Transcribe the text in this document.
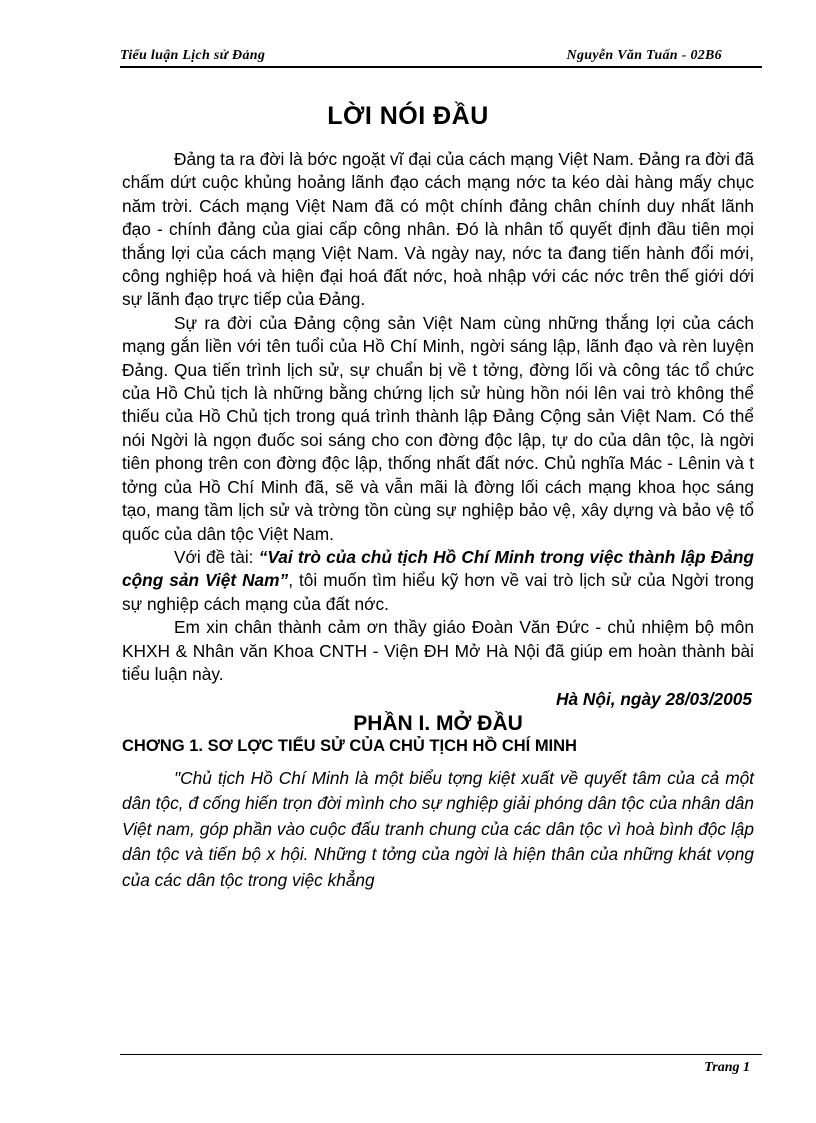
Tiểu luận Lịch sử Đảng	Nguyễn Văn Tuấn - 02B6
LỜI NÓI ĐẦU

Đảng ta ra đời là bớc ngoặt vĩ đại của cách mạng Việt Nam. Đảng ra đời đã chấm dứt cuộc khủng hoảng lãnh đạo cách mạng nớc ta kéo dài hàng mấy chục năm trời. Cách mạng Việt Nam đã có một chính đảng chân chính duy nhất lãnh đạo - chính đảng của giai cấp công nhân. Đó là nhân tố quyết định đầu tiên mọi thắng lợi của cách mạng Việt Nam. Và ngày nay, nớc ta đang tiến hành đổi mới, công nghiệp hoá và hiện đại hoá đất nớc, hoà nhập với các nớc trên thế giới dới sự lãnh đạo trực tiếp của Đảng.

Sự ra đời của Đảng cộng sản Việt Nam cùng những thắng lợi của cách mạng gắn liền với tên tuổi của Hồ Chí Minh, ngời sáng lập, lãnh đạo và rèn luyện Đảng. Qua tiến trình lịch sử, sự chuẩn bị về t tởng, đờng lối và công tác tổ chức của Hồ Chủ tịch là những bằng chứng lịch sử hùng hồn nói lên vai trò không thể thiếu của Hồ Chủ tịch trong quá trình thành lập Đảng Cộng sản Việt Nam. Có thể nói Ngời là ngọn đuốc soi sáng cho con đờng độc lập, tự do của dân tộc, là ngời tiên phong trên con đờng độc lập, thống nhất đất nớc. Chủ nghĩa Mác - Lênin và t tởng của Hồ Chí Minh đã, sẽ và vẫn mãi là đờng lối cách mạng khoa học sáng tạo, mang tầm lịch sử và trờng tồn cùng sự nghiệp bảo vệ, xây dựng và bảo vệ tổ quốc của dân tộc Việt Nam.

Với đề tài: “Vai trò của chủ tịch Hồ Chí Minh trong việc thành lập Đảng cộng sản Việt Nam”, tôi muốn tìm hiểu kỹ hơn về vai trò lịch sử của Ngời trong sự nghiệp cách mạng của đất nớc.

Em xin chân thành cảm ơn thầy giáo Đoàn Văn Đức - chủ nhiệm bộ môn KHXH & Nhân văn Khoa CNTH - Viện ĐH Mở Hà Nội đã giúp em hoàn thành bài tiểu luận này.

Hà Nội, ngày 28/03/2005
PHẦN I. MỞ ĐẦU

CHƠNG 1. SƠ LỢC TIỂU SỬ CỦA CHỦ TỊCH HỒ CHÍ MINH

"Chủ tịch Hồ Chí Minh là một biểu tợng kiệt xuất về quyết tâm của cả một dân tộc, đ cống hiến trọn đời mình cho sự nghiệp giải phóng dân tộc của nhân dân Việt nam, góp phần vào cuộc đấu tranh chung của các dân tộc vì hoà bình độc lập dân tộc và tiến bộ x hội. Những t tởng của ngời là hiện thân của những khát vọng của các dân tộc trong việc khẳng

Trang 1
